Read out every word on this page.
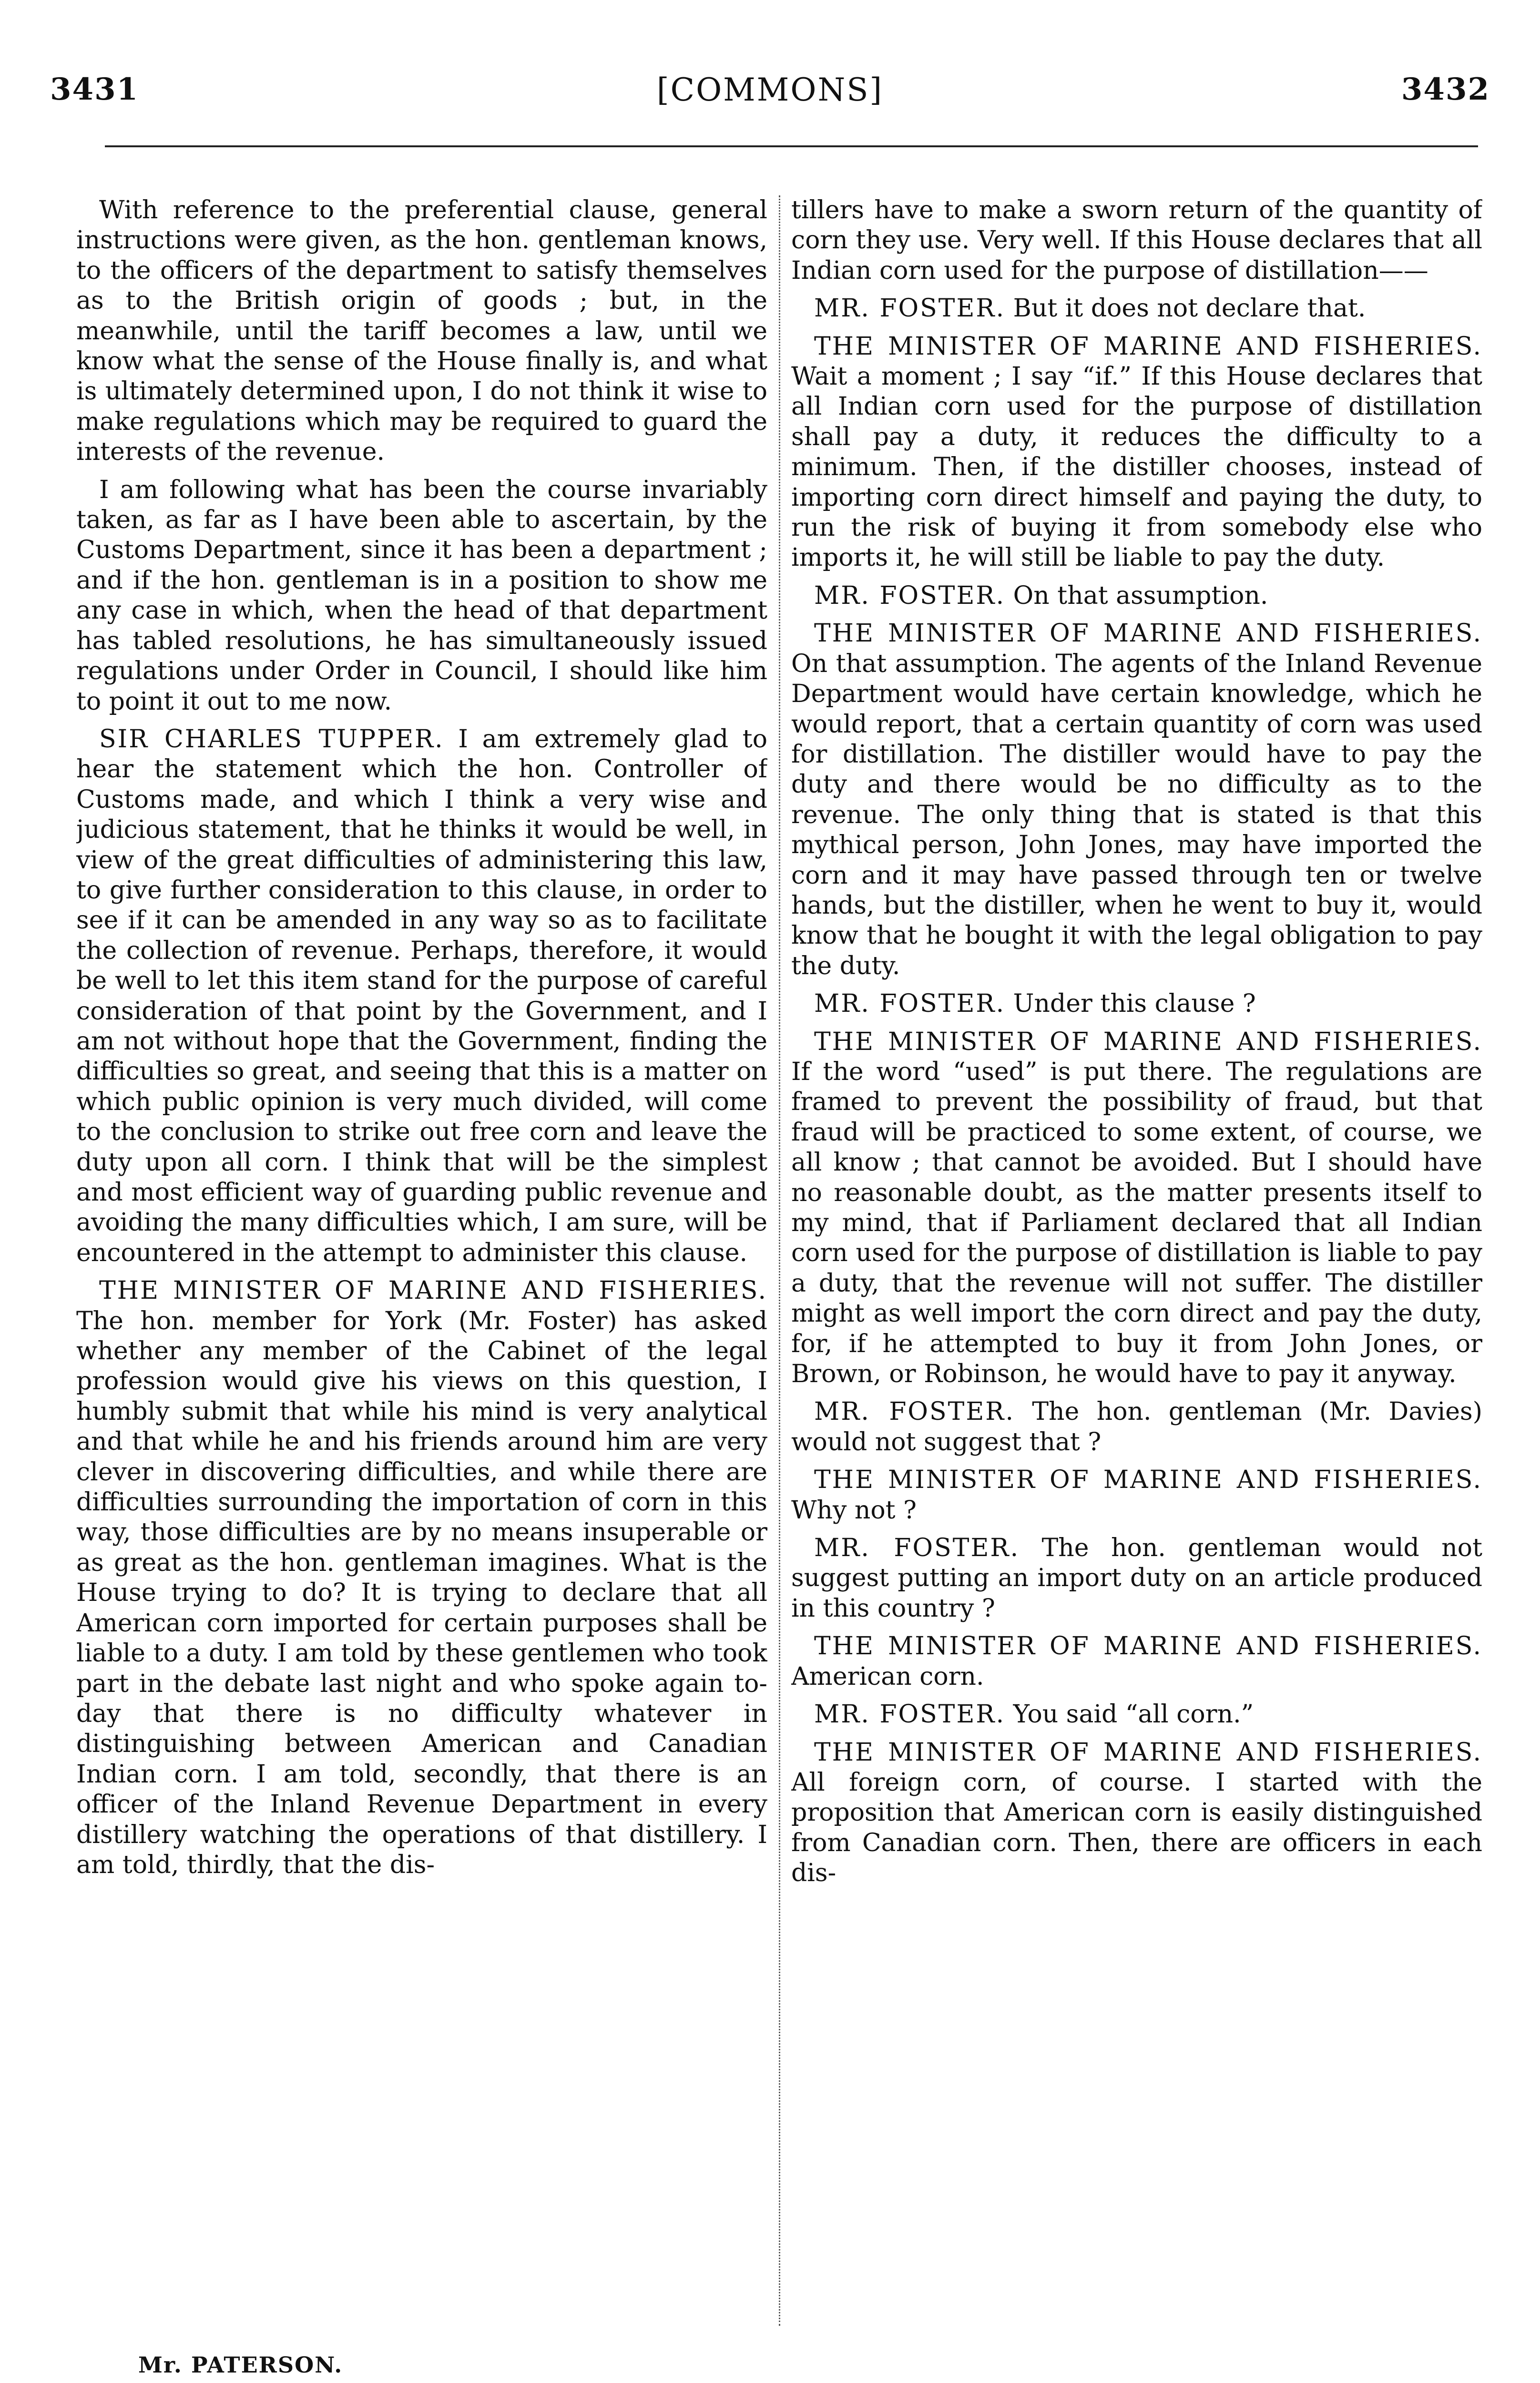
3431	[COMMONS]	3432

With reference to the preferential clause, general instructions were given, as the hon. gentleman knows, to the officers of the department to satisfy themselves as to the British origin of goods ; but, in the meanwhile, until the tariff becomes a law, until we know what the sense of the House finally is, and what is ultimately determined upon, I do not think it wise to make regulations which may be required to guard the interests of the revenue.

I am following what has been the course invariably taken, as far as I have been able to ascertain, by the Customs Department, since it has been a department ; and if the hon. gentleman is in a position to show me any case in which, when the head of that department has tabled resolutions, he has simultaneously issued regulations under Order in Council, I should like him to point it out to me now.

SIR CHARLES TUPPER. I am extremely glad to hear the statement which the hon. Controller of Customs made, and which I think a very wise and judicious statement, that he thinks it would be well, in view of the great difficulties of administering this law, to give further consideration to this clause, in order to see if it can be amended in any way so as to facilitate the collection of revenue. Perhaps, therefore, it would be well to let this item stand for the purpose of careful consideration of that point by the Government, and I am not without hope that the Government, finding the difficulties so great, and seeing that this is a matter on which public opinion is very much divided, will come to the conclusion to strike out free corn and leave the duty upon all corn. I think that will be the simplest and most efficient way of guarding public revenue and avoiding the many difficulties which, I am sure, will be encountered in the attempt to administer this clause.

THE MINISTER OF MARINE AND FISHERIES. The hon. member for York (Mr. Foster) has asked whether any member of the Cabinet of the legal profession would give his views on this question, I humbly submit that while his mind is very analytical and that while he and his friends around him are very clever in discovering difficulties, and while there are difficulties surrounding the importation of corn in this way, those difficulties are by no means insuperable or as great as the hon. gentleman imagines. What is the House trying to do? It is trying to declare that all American corn imported for certain purposes shall be liable to a duty. I am told by these gentlemen who took part in the debate last night and who spoke again to-day that there is no difficulty whatever in distinguishing between American and Canadian Indian corn. I am told, secondly, that there is an officer of the Inland Revenue Department in every distillery watching the operations of that distillery. I am told, thirdly, that the dis-

tillers have to make a sworn return of the quantity of corn they use. Very well. If this House declares that all Indian corn used for the purpose of distillation——

MR. FOSTER. But it does not declare that.

THE MINISTER OF MARINE AND FISHERIES. Wait a moment ; I say “if.” If this House declares that all Indian corn used for the purpose of distillation shall pay a duty, it reduces the difficulty to a minimum. Then, if the distiller chooses, instead of importing corn direct himself and paying the duty, to run the risk of buying it from somebody else who imports it, he will still be liable to pay the duty.

MR. FOSTER. On that assumption.

THE MINISTER OF MARINE AND FISHERIES. On that assumption. The agents of the Inland Revenue Department would have certain knowledge, which he would report, that a certain quantity of corn was used for distillation. The distiller would have to pay the duty and there would be no difficulty as to the revenue. The only thing that is stated is that this mythical person, John Jones, may have imported the corn and it may have passed through ten or twelve hands, but the distiller, when he went to buy it, would know that he bought it with the legal obligation to pay the duty.

MR. FOSTER. Under this clause ?

THE MINISTER OF MARINE AND FISHERIES. If the word “used” is put there. The regulations are framed to prevent the possibility of fraud, but that fraud will be practiced to some extent, of course, we all know ; that cannot be avoided. But I should have no reasonable doubt, as the matter presents itself to my mind, that if Parliament declared that all Indian corn used for the purpose of distillation is liable to pay a duty, that the revenue will not suffer. The distiller might as well import the corn direct and pay the duty, for, if he attempted to buy it from John Jones, or Brown, or Robinson, he would have to pay it anyway.

MR. FOSTER. The hon. gentleman (Mr. Davies) would not suggest that ?

THE MINISTER OF MARINE AND FISHERIES. Why not ?

MR. FOSTER. The hon. gentleman would not suggest putting an import duty on an article produced in this country ?

THE MINISTER OF MARINE AND FISHERIES. American corn.

MR. FOSTER. You said “all corn.”

THE MINISTER OF MARINE AND FISHERIES. All foreign corn, of course. I started with the proposition that American corn is easily distinguished from Canadian corn. Then, there are officers in each dis-

Mr. PATERSON.
